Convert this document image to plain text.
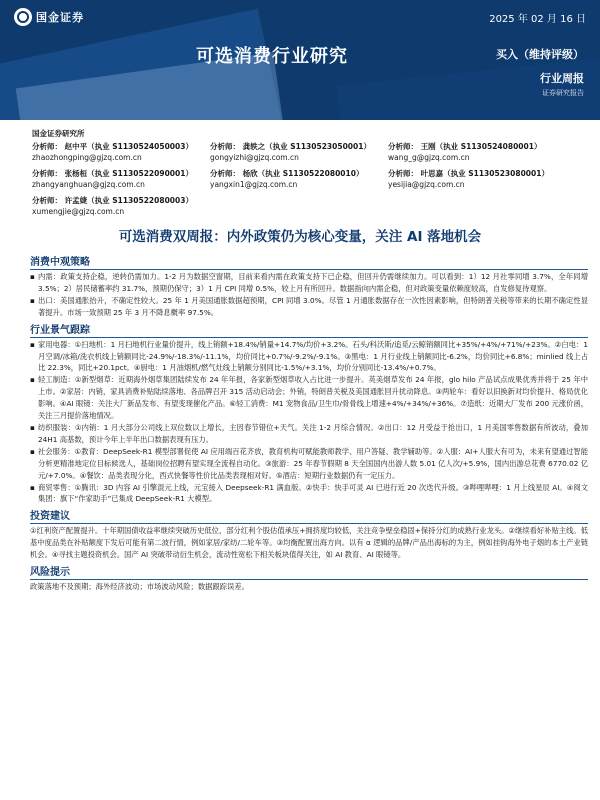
国金证券	2025 年 02 月 16 日
可选消费行业研究	买入（维持评级）
行业周报
证券研究报告
国金证券研究所
分析师： 赵中平（执业 S1130524050003）
zhaozhongping@gjzq.com.cn
分析师： 龚轶之（执业 S1130523050001）
gongyizhi@gjzq.com.cn
分析师： 王刚（执业 S1130524080001）
wang_g@gjzq.com.cn
分析师： 张杨桓（执业 S1130522090001）
zhangyanghuan@gjzq.com.cn
分析师： 杨欣（执业 S1130522080010）
yangxin1@gjzq.com.cn
分析师： 叶思嘉（执业 S1130523080001）
yesijia@gjzq.com.cn
分析师： 许孟婕（执业 S1130522080003）
xumengjie@gjzq.com.cn
可选消费双周报：内外政策仍为核心变量，关注 AI 落地机会
消费中观策略
▪ 内需：政策支持企稳，逆转仍需加力。1-2 月为数据空窗期，目前来看内需在政策支持下已企稳，但回升仍需继续加力。可以看到：1）12 月社零同增 3.7%，全年同增 3.5%；2）居民储蓄率约 31.7%，预期仍保守；3）1 月 CPI 同增 0.5%，较上月有所回升。数据指向内需企稳，但对政策变量依赖度较高，自发修复待观察。
▪ 出口：美国通胀抬升，不确定性较大。25 年 1 月美国通胀数据超预期，CPI 同增 3.0%。尽管 1 月通胀数据存在一次性因素影响，但特朗普关税等带来的长期不确定性显著提升。市场一致预期 25 年 3 月不降息概率 97.5%。
行业景气跟踪
▪ 家用电器：①扫地机：1 月扫地机行业量价提升，线上销额+18.4%/销量+14.7%/均价+3.2%。石头/科沃斯/追觅/云鲸销额同比+35%/+4%/+71%/+23%。②白电：1 月空调/冰箱/洗衣机线上销额同比-24.9%/-18.3%/-11.1%，均价同比+0.7%/-9.2%/-9.1%。③黑电：1 月行业线上销额同比-6.2%，均价同比+6.8%；minlied 线上占比 22.3%，同比+20.1pct。④厨电：1 月油烟机/燃气灶线上销额分别同比-1.5%/+3.1%，均价分别同比-13.4%/+0.7%。
▪ 轻工制造：①新型烟草：近期海外烟草集团陆续发布 24 年年报，各家新型烟草收入占比进一步提升。英美烟草发布 24 年报，glo hilo 产品试点成果优秀并将于 25 年中上市。②家居：内销，家具消费补贴陆续落地、各品牌召开 315 活动启动会；外销，特朗普关税及美国通胀回升扰动降息。③两轮车：看好以旧换新对均价提升、格局优化影响。④AI 眼镜：关注大厂新品发布、有望变现催化产品。⑥轻工消费：M1 宠物食品/卫生巾/骨骨线上增速+4%/+34%/+36%。⑦造纸：近期大厂发布 200 元涨价函，关注三月提价落地情况。
▪ 纺织服装：①内销：1 月大部分公司线上双位数以上增长，主因春节错位+天气。关注 1-2 月综合情况。②出口：12 月受益于抢出口，1 月美国零售数据有所波动，叠加 24H1 高基数，预计今年上半年出口数据表现有压力。
▪ 社会服务：①教育：DeepSeek-R1 模型部署促使 AI 应用端百花齐放，教育机构可赋能教师教学、用户答疑、教学辅助等。②人服：AI+人服大有可为，未来有望通过智能分析更精准地定位目标候选人，基础岗位招聘有望实现全流程自动化。③旅游：25 年春节假期 8 天全国国内出游人数 5.01 亿人次/+5.9%，国内出游总花费 6770.02 亿元/+7.0%。④餐饮：品类表现分化，西式快餐等性价比品类表现相对好。⑤酒店：短期行业数据仍有一定压力。
▪ 商贸零售：①腾讯：3D 内容 AI 引擎混元上线，元宝接入 Deepseek-R1 满血版。②快手：快手可灵 AI 已进行近 20 次迭代升级。③哔哩哔哩：1 月上线星辰 AI。④阅文集团：旗下“作家助手”已集成 DeepSeek-R1 大模型。
投资建议
①红利资产配置提升。十年期国债收益率继续突破历史低位，部分红利个股估值承压+拥挤度均较低，关注竞争壁垒稳固+保持分红的成熟行业龙头。②继续看好补贴主线。低基中度品类在补贴额度下发后可能有第二波行情，例如家居/家纺/二轮车等。③均衡配置出海方向。以有 α 逻辑的品牌/产品出海标的为主，例如挂钩海外电子烟的本土产业链机会。④寻找主题投资机会。国产 AI 突破带动衍生机会，流动性宽松下相关板块值得关注，如 AI 教育、AI 眼镜等。
风险提示
政策落地不及预期；海外经济波动；市场波动风险；数据跟踪误差。
